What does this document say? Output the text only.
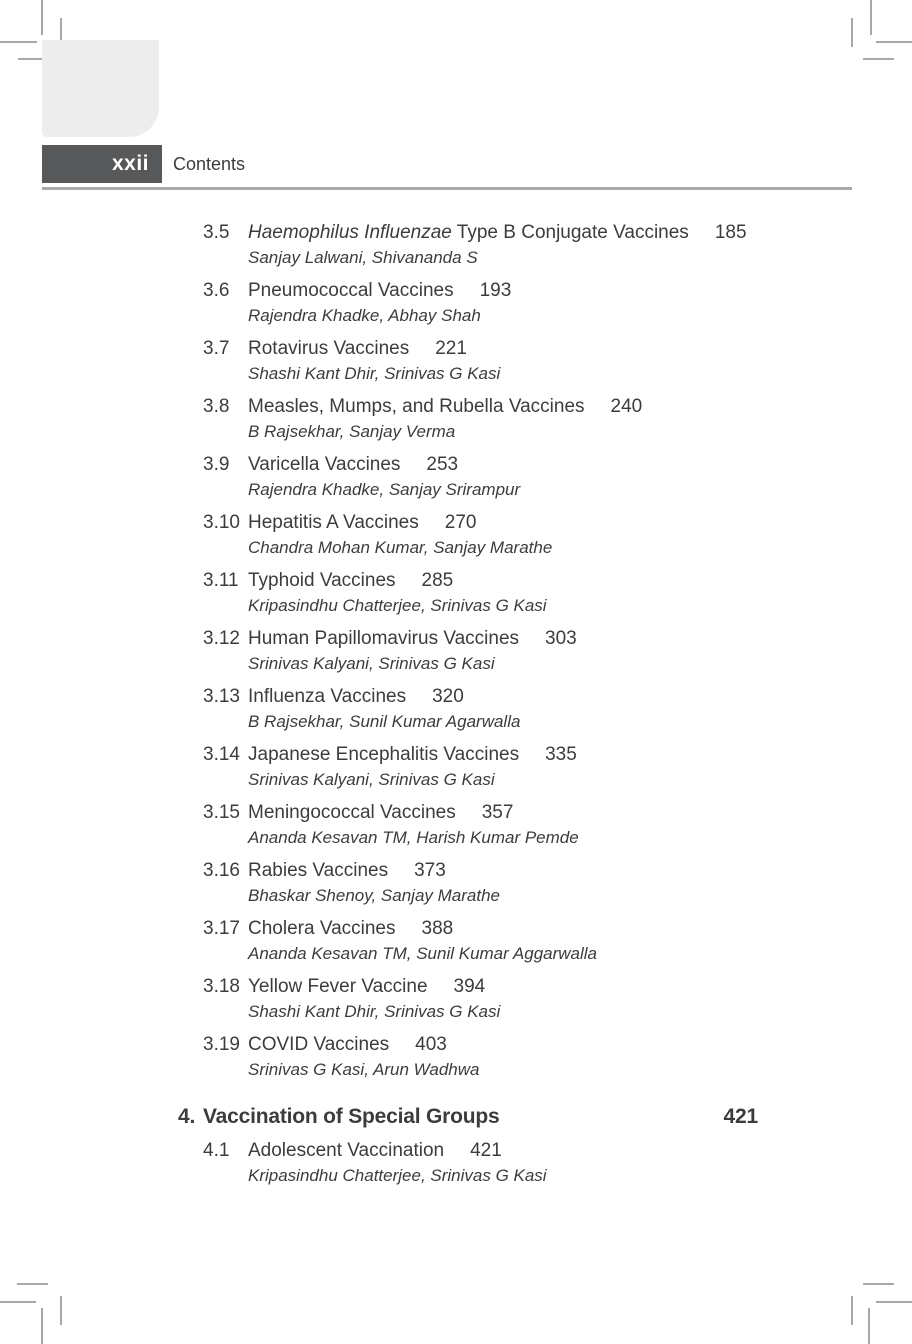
xxii Contents
3.5 Haemophilus Influenzae Type B Conjugate Vaccines 185
Sanjay Lalwani, Shivananda S
3.6 Pneumococcal Vaccines 193
Rajendra Khadke, Abhay Shah
3.7 Rotavirus Vaccines 221
Shashi Kant Dhir, Srinivas G Kasi
3.8 Measles, Mumps, and Rubella Vaccines 240
B Rajsekhar, Sanjay Verma
3.9 Varicella Vaccines 253
Rajendra Khadke, Sanjay Srirampur
3.10 Hepatitis A Vaccines 270
Chandra Mohan Kumar, Sanjay Marathe
3.11 Typhoid Vaccines 285
Kripasindhu Chatterjee, Srinivas G Kasi
3.12 Human Papillomavirus Vaccines 303
Srinivas Kalyani, Srinivas G Kasi
3.13 Influenza Vaccines 320
B Rajsekhar, Sunil Kumar Agarwalla
3.14 Japanese Encephalitis Vaccines 335
Srinivas Kalyani, Srinivas G Kasi
3.15 Meningococcal Vaccines 357
Ananda Kesavan TM, Harish Kumar Pemde
3.16 Rabies Vaccines 373
Bhaskar Shenoy, Sanjay Marathe
3.17 Cholera Vaccines 388
Ananda Kesavan TM, Sunil Kumar Aggarwalla
3.18 Yellow Fever Vaccine 394
Shashi Kant Dhir, Srinivas G Kasi
3.19 COVID Vaccines 403
Srinivas G Kasi, Arun Wadhwa
4. Vaccination of Special Groups	421
4.1 Adolescent Vaccination 421
Kripasindhu Chatterjee, Srinivas G Kasi
